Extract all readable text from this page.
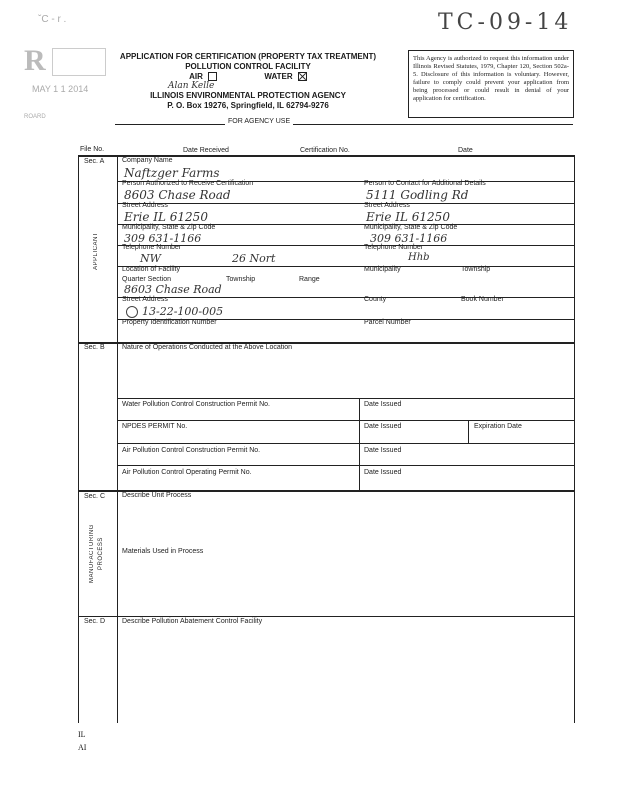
ˇC - r .	TC-09-14
R
MAY 1 1 2014
ROARD
APPLICATION FOR CERTIFICATION (PROPERTY TAX TREATMENT)
POLLUTION CONTROL FACILITY
AIR	WATER
Alan Kelle
ILLINOIS ENVIRONMENTAL PROTECTION AGENCY
P. O. Box 19276, Springfield, IL 62794-9276
This Agency is authorized to request this information under Illinois Revised Statutes, 1979, Chapter 120, Section 502a-5. Disclosure of this information is voluntary. However, failure to comply could prevent your application from being processed or could result in denial of your application for certification.
FOR AGENCY USE
File No.	Date Received	Certification No.	Date
Sec. A
APPLICANT
Company Name
Naftzger Farms
Person Authorized to Receive Certification	Person to Contact for Additional Details
8603 Chase Road	5111 Godling Rd
Street Address	Street Address
Erie IL 61250	Erie IL 61250
Municipality, State & Zip Code	Municipality, State & Zip Code
309 631-1166	309 631-1166
Telephone Number	Telephone Number
NW	26 Nort	Hhb
Location of Facility	Municipality	Township
Quarter Section	Township	Range
8603 Chase Road
Street Address	County	Book Number
13-22-100-005
Property Identification Number	Parcel Number
Sec. B Nature of Operations Conducted at the Above Location
Water Pollution Control Construction Permit No.	Date Issued
NPDES PERMIT No.	Date Issued	Expiration Date
Air Pollution Control Construction Permit No.	Date Issued
Air Pollution Control Operating Permit No.	Date Issued
Sec. C
MANUFACTURING PROCESS
Describe Unit Process
Materials Used in Process
Sec. D Describe Pollution Abatement Control Facility
IL
AI
